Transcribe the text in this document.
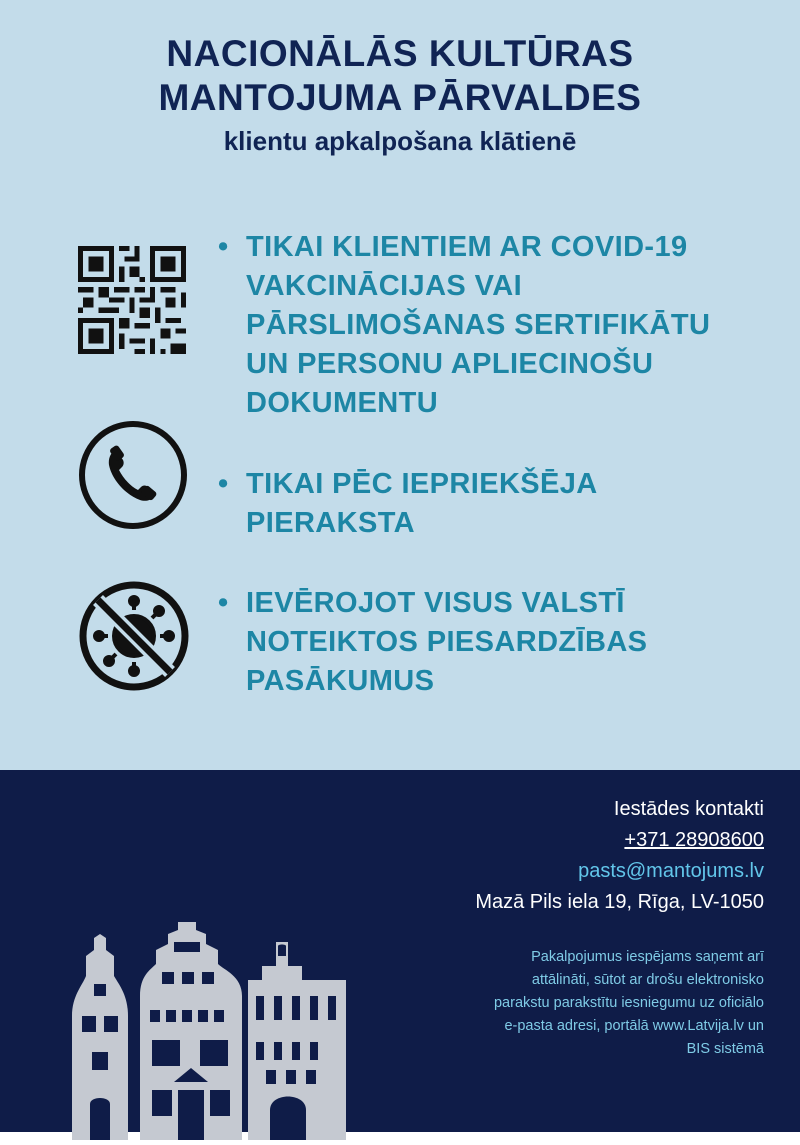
NACIONĀLĀS KULTŪRAS
MANTOJUMA PĀRVALDES
klientu apkalpošana klātienē
• TIKAI KLIENTIEM AR COVID-19
VAKCINĀCIJAS VAI
PĀRSLIMOŠANAS SERTIFIKĀTU
UN PERSONU APLIECINOŠU
DOKUMENTU
• TIKAI PĒC IEPRIEKŠĒJA
PIERAKSTA
• IEVĒROJOT VISUS VALSTĪ
NOTEIKTOS PIESARDZĪBAS
PASĀKUMUS
Iestādes kontakti
+371 28908600
pasts@mantojums.lv
Mazā Pils iela 19, Rīga, LV-1050
Pakalpojumus iespējams saņemt arī
attālināti, sūtot ar drošu elektronisko
parakstu parakstītu iesniegumu uz oficiālo
e-pasta adresi, portālā www.Latvija.lv un
BIS sistēmā
